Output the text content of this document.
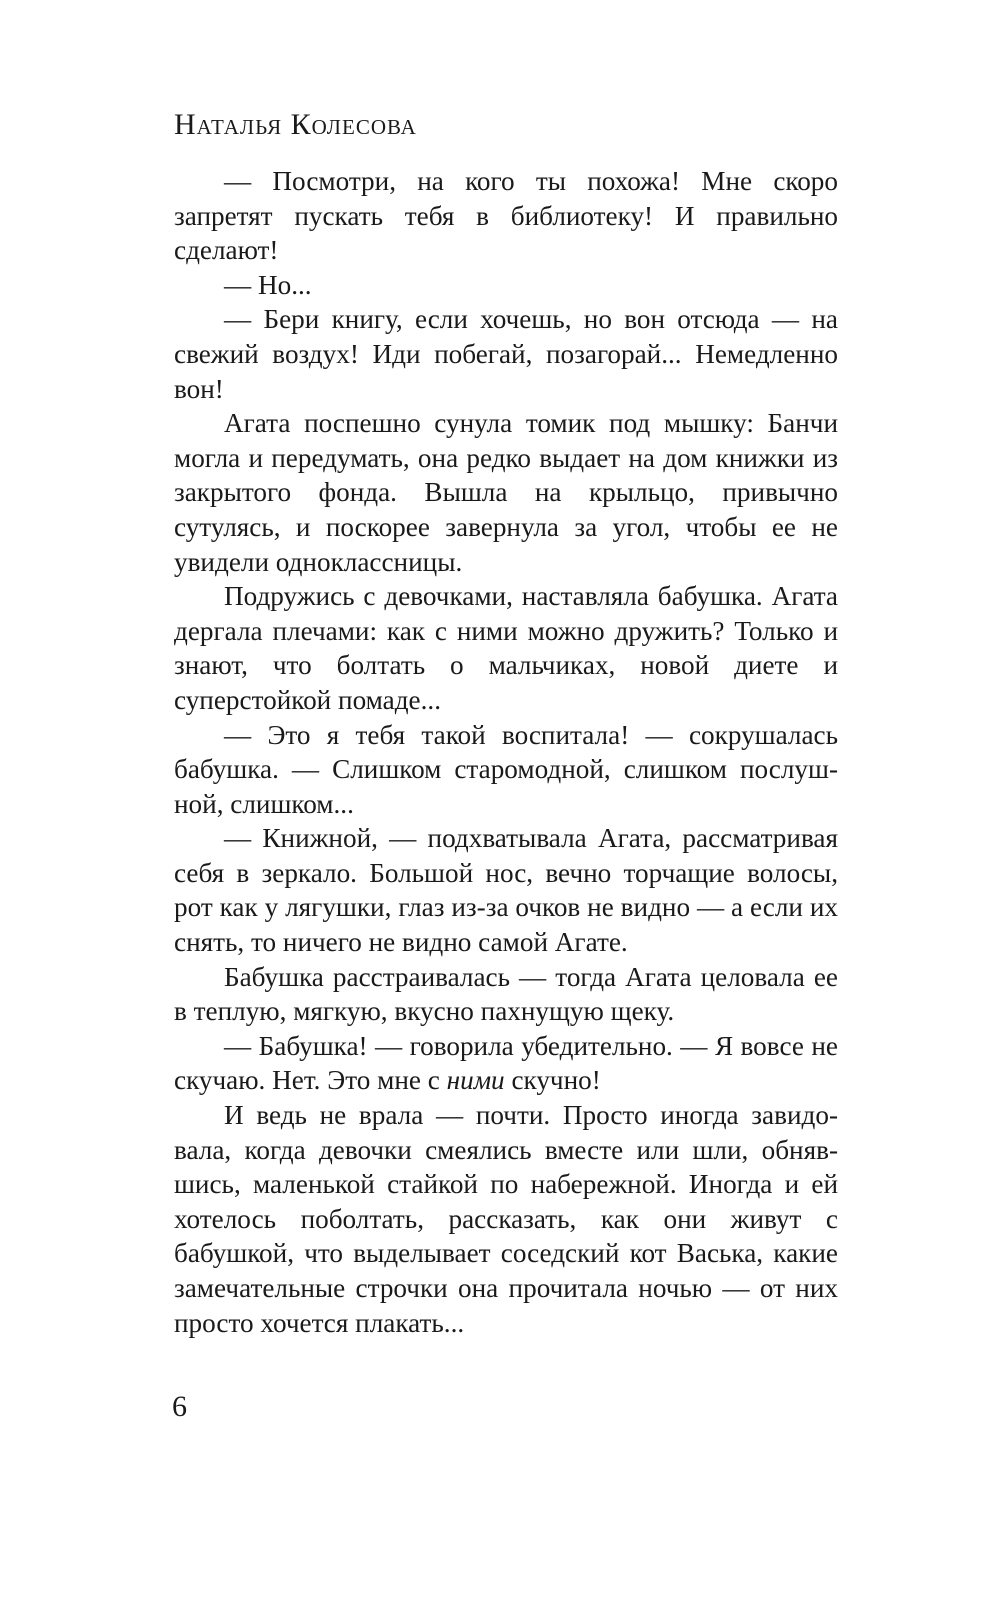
Наталья Колесова

— Посмотри, на кого ты похожа! Мне скоро запретят пускать тебя в библиотеку! И правильно сделают!

— Но...

— Бери книгу, если хочешь, но вон отсюда — на свежий воздух! Иди побегай, позагорай... Немедленно вон!

Агата поспешно сунула томик под мышку: Банчи могла и передумать, она редко выдает на дом книжки из закрытого фонда. Вышла на крыльцо, привычно сутулясь, и поскорее завернула за угол, чтобы ее не увидели одноклассницы.

Подружись с девочками, наставляла бабушка. Агата дергала плечами: как с ними можно дружить? Только и знают, что болтать о мальчиках, новой диете и суперстойкой помаде...

— Это я тебя такой воспитала! — сокрушалась бабушка. — Слишком старомодной, слишком послушной, слишком...

— Книжной, — подхватывала Агата, рассматривая себя в зеркало. Большой нос, вечно торчащие волосы, рот как у лягушки, глаз из-за очков не видно — а если их снять, то ничего не видно самой Агате.

Бабушка расстраивалась — тогда Агата целовала ее в теплую, мягкую, вкусно пахнущую щеку.

— Бабушка! — говорила убедительно. — Я вовсе не скучаю. Нет. Это мне с ними скучно!

И ведь не врала — почти. Просто иногда завидовала, когда девочки смеялись вместе или шли, обнявшись, маленькой стайкой по набережной. Иногда и ей хотелось поболтать, рассказать, как они живут с бабушкой, что выделывает соседский кот Васька, какие замечательные строчки она прочитала ночью — от них просто хочется плакать...

6
